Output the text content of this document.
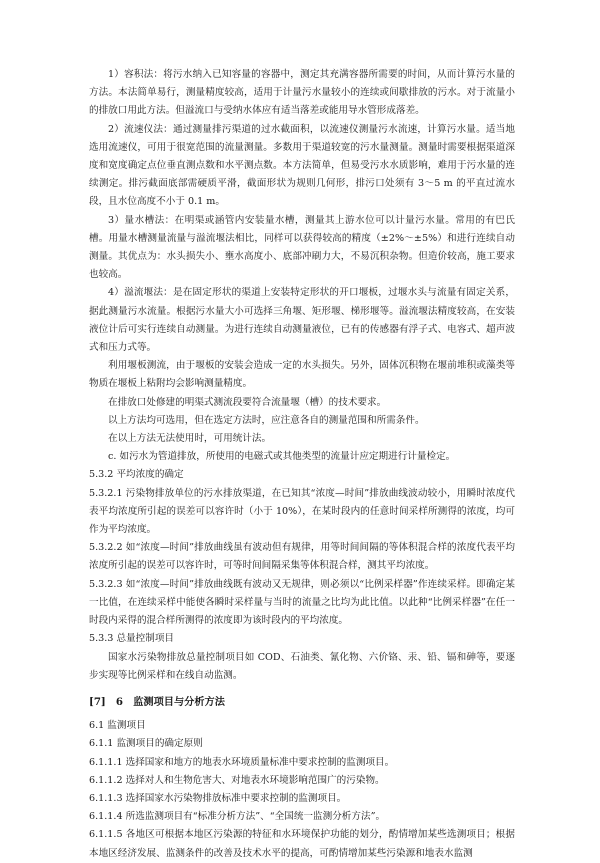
1）容积法：将污水纳入已知容量的容器中，测定其充满容器所需要的时间，从而计算污水量的方法。本法简单易行，测量精度较高，适用于计量污水量较小的连续或间歇排放的污水。对于流量小的排放口用此方法。但溢流口与受纳水体应有适当落差或能用导水管形成落差。

2）流速仪法：通过测量排污渠道的过水截面积，以流速仪测量污水流速，计算污水量。适当地选用流速仪，可用于很宽范围的流量测量。多数用于渠道较宽的污水量测量。测量时需要根据渠道深度和宽度确定点位垂直测点数和水平测点数。本方法简单，但易受污水水质影响，难用于污水量的连续测定。排污截面底部需硬质平滑，截面形状为规则几何形，排污口处须有 3～5 m 的平直过流水段，且水位高度不小于 0.1 m。

3）量水槽法：在明渠或涵管内安装量水槽，测量其上游水位可以计量污水量。常用的有巴氏槽。用量水槽测量流量与溢流堰法相比，同样可以获得较高的精度（±2%～±5%）和进行连续自动测量。其优点为：水头损失小、壅水高度小、底部冲刷力大，不易沉积杂物。但造价较高，施工要求也较高。

4）溢流堰法：是在固定形状的渠道上安装特定形状的开口堰板，过堰水头与流量有固定关系，据此测量污水流量。根据污水量大小可选择三角堰、矩形堰、梯形堰等。溢流堰法精度较高，在安装液位计后可实行连续自动测量。为进行连续自动测量液位，已有的传感器有浮子式、电容式、超声波式和压力式等。

利用堰板测流，由于堰板的安装会造成一定的水头损失。另外，固体沉积物在堰前堆积或藻类等物质在堰板上粘附均会影响测量精度。

在排放口处修建的明渠式测流段要符合流量堰（槽）的技术要求。

以上方法均可选用，但在选定方法时，应注意各自的测量范围和所需条件。

在以上方法无法使用时，可用统计法。

c. 如污水为管道排放，所使用的电磁式或其他类型的流量计应定期进行计量检定。

5.3.2 平均浓度的确定

5.3.2.1 污染物排放单位的污水排放渠道，在已知其“浓度—时间”排放曲线波动较小，用瞬时浓度代表平均浓度所引起的误差可以容许时（小于 10%），在某时段内的任意时间采样所测得的浓度，均可作为平均浓度。

5.3.2.2 如“浓度—时间”排放曲线虽有波动但有规律，用等时间间隔的等体积混合样的浓度代表平均浓度所引起的误差可以容许时，可等时间间隔采集等体积混合样，测其平均浓度。

5.3.2.3 如“浓度—时间”排放曲线既有波动又无规律，则必须以“比例采样器”作连续采样。即确定某一比值，在连续采样中能使各瞬时采样量与当时的流量之比均为此比值。以此种“比例采样器”在任一时段内采得的混合样所测得的浓度即为该时段内的平均浓度。

5.3.3 总量控制项目

国家水污染物排放总量控制项目如 COD、石油类、氰化物、六价铬、汞、铅、镉和砷等，要逐步实现等比例采样和在线自动监测。

[7]　6　监测项目与分析方法

6.1 监测项目

6.1.1 监测项目的确定原则

6.1.1.1 选择国家和地方的地表水环境质量标准中要求控制的监测项目。

6.1.1.2 选择对人和生物危害大、对地表水环境影响范围广的污染物。

6.1.1.3 选择国家水污染物排放标准中要求控制的监测项目。

6.1.1.4 所选监测项目有“标准分析方法”、“全国统一监测分析方法”。

6.1.1.5 各地区可根据本地区污染源的特征和水环境保护功能的划分，酌情增加某些选测项目；根据本地区经济发展、监测条件的改善及技术水平的提高，可酌情增加某些污染源和地表水监测
